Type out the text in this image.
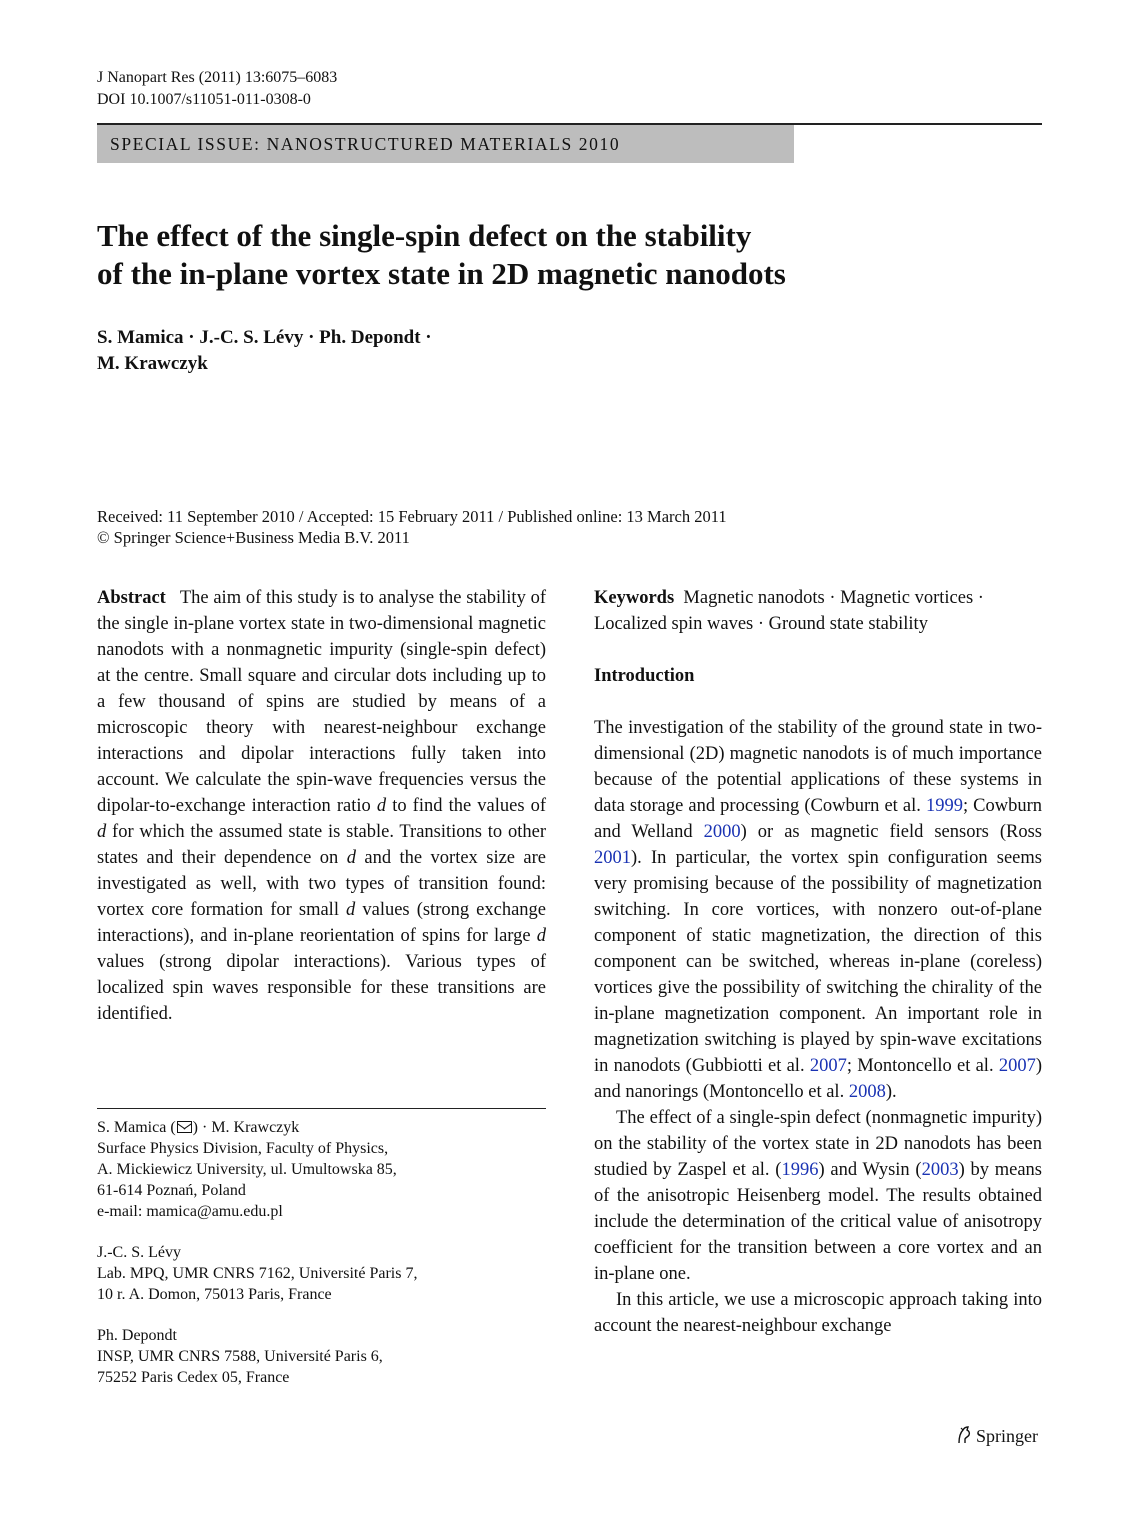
J Nanopart Res (2011) 13:6075–6083
DOI 10.1007/s11051-011-0308-0
SPECIAL ISSUE: NANOSTRUCTURED MATERIALS 2010
The effect of the single-spin defect on the stability
of the in-plane vortex state in 2D magnetic nanodots
S. Mamica · J.-C. S. Lévy · Ph. Depondt ·
M. Krawczyk
Received: 11 September 2010 / Accepted: 15 February 2011 / Published online: 13 March 2011
© Springer Science+Business Media B.V. 2011

Abstract The aim of this study is to analyse the stability of the single in-plane vortex state in two-dimensional magnetic nanodots with a nonmagnetic impurity (single-spin defect) at the centre. Small square and circular dots including up to a few thousand of spins are studied by means of a microscopic theory with nearest-neighbour exchange interactions and dipolar interactions fully taken into account. We calculate the spin-wave frequencies versus the dipolar-to-exchange interaction ratio d to find the values of d for which the assumed state is stable. Transitions to other states and their dependence on d and the vortex size are investigated as well, with two types of transition found: vortex core formation for small d values (strong exchange interactions), and in-plane reorientation of spins for large d values (strong dipolar interactions). Various types of localized spin waves responsible for these transitions are identified.

S. Mamica ( ) · M. Krawczyk
Surface Physics Division, Faculty of Physics,
A. Mickiewicz University, ul. Umultowska 85,
61-614 Poznań, Poland
e-mail: mamica@amu.edu.pl
J.-C. S. Lévy
Lab. MPQ, UMR CNRS 7162, Université Paris 7,
10 r. A. Domon, 75013 Paris, France
Ph. Depondt
INSP, UMR CNRS 7588, Université Paris 6,
75252 Paris Cedex 05, France

Keywords Magnetic nanodots · Magnetic vortices · Localized spin waves · Ground state stability

Introduction

The investigation of the stability of the ground state in two-dimensional (2D) magnetic nanodots is of much importance because of the potential applications of these systems in data storage and processing (Cowburn et al. 1999; Cowburn and Welland 2000) or as magnetic field sensors (Ross 2001). In particular, the vortex spin configuration seems very promising because of the possibility of magnetization switching. In core vortices, with nonzero out-of-plane component of static magnetization, the direction of this component can be switched, whereas in-plane (coreless) vortices give the possibility of switching the chirality of the in-plane magnetization component. An important role in magnetization switching is played by spin-wave excitations in nanodots (Gubbiotti et al. 2007; Montoncello et al. 2007) and nanorings (Montoncello et al. 2008).

The effect of a single-spin defect (nonmagnetic impurity) on the stability of the vortex state in 2D nanodots has been studied by Zaspel et al. (1996) and Wysin (2003) by means of the anisotropic Heisenberg model. The results obtained include the determination of the critical value of anisotropy coefficient for the transition between a core vortex and an in-plane one.

In this article, we use a microscopic approach taking into account the nearest-neighbour exchange

Springer
